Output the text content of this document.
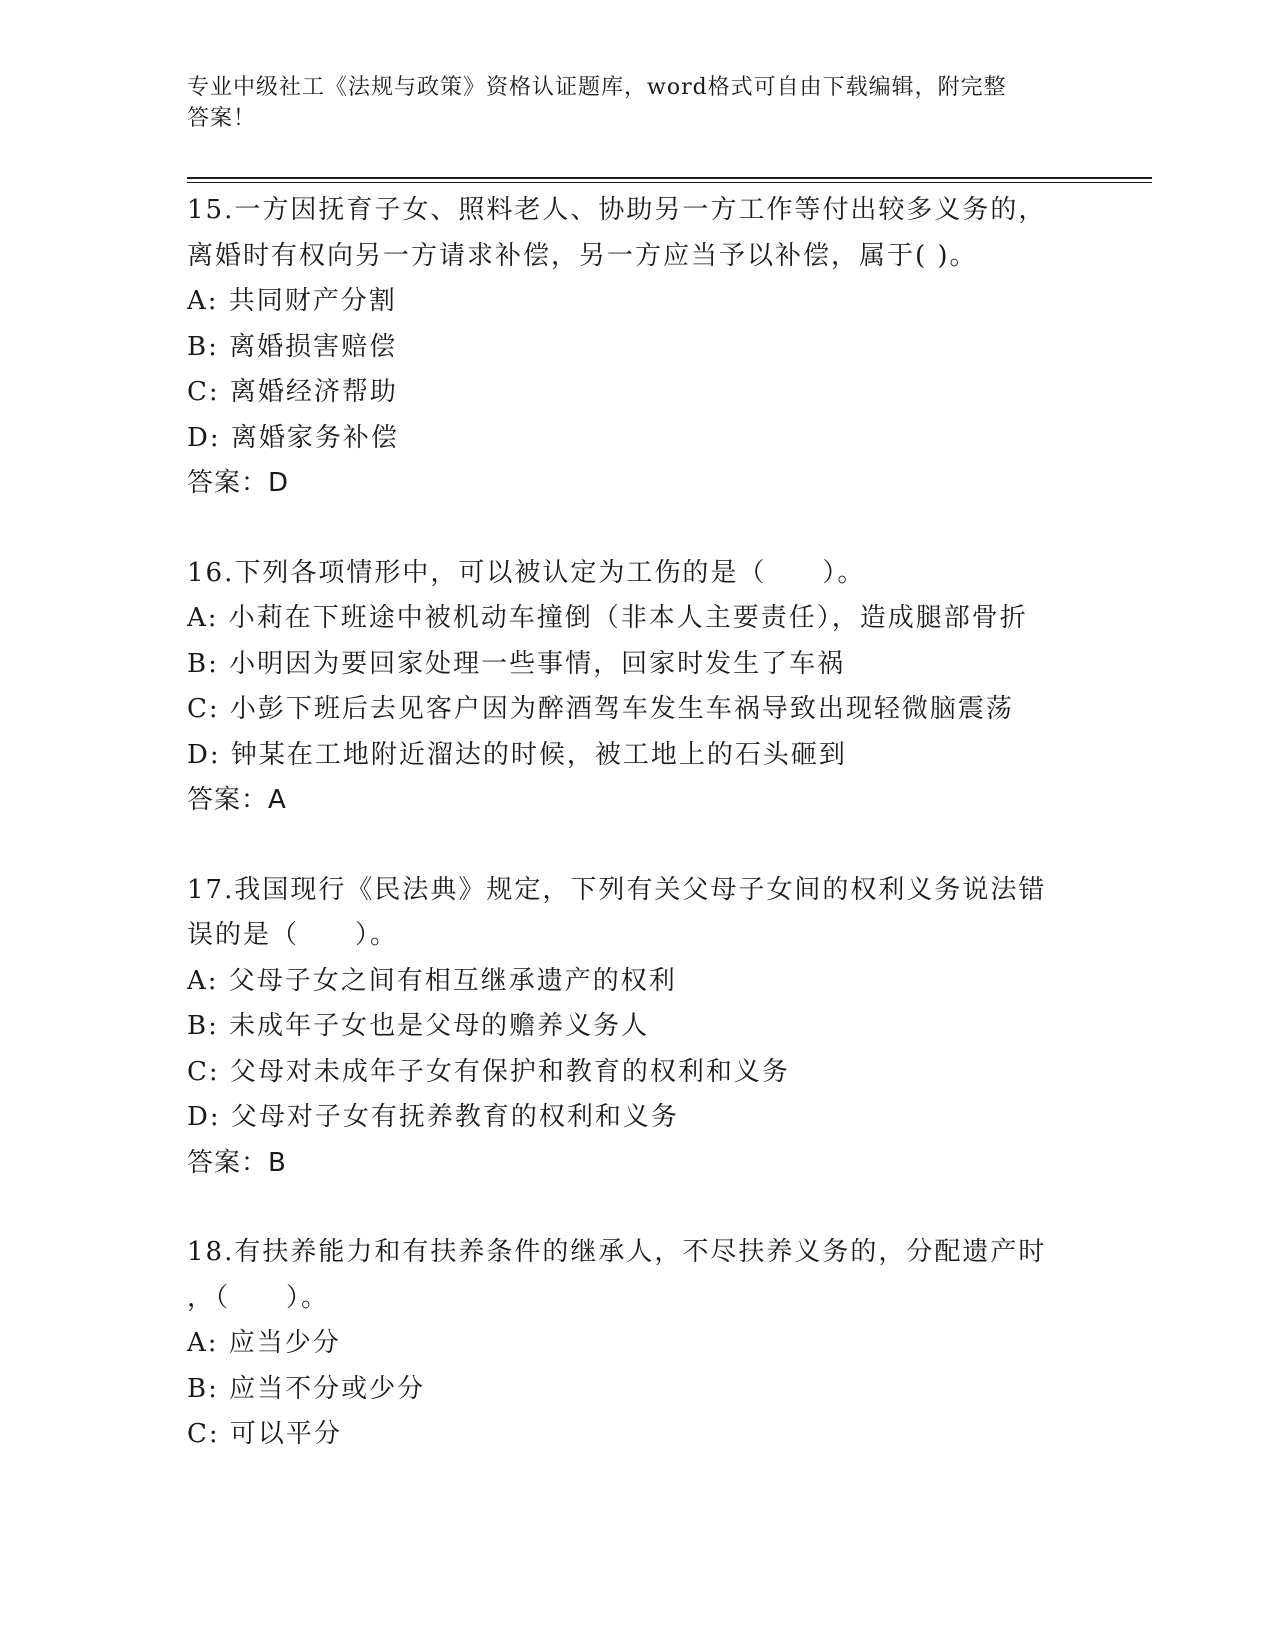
专业中级社工《法规与政策》资格认证题库，word格式可自由下载编辑，附完整
答案！
15.一方因抚育子女、照料老人、协助另一方工作等付出较多义务的，
离婚时有权向另一方请求补偿，另一方应当予以补偿，属于( )。
A: 共同财产分割
B: 离婚损害赔偿
C: 离婚经济帮助
D: 离婚家务补偿
答案：D
16.下列各项情形中，可以被认定为工伤的是（　　）。
A: 小莉在下班途中被机动车撞倒（非本人主要责任），造成腿部骨折
B: 小明因为要回家处理一些事情，回家时发生了车祸
C: 小彭下班后去见客户因为醉酒驾车发生车祸导致出现轻微脑震荡
D: 钟某在工地附近溜达的时候，被工地上的石头砸到
答案：A
17.我国现行《民法典》规定，下列有关父母子女间的权利义务说法错
误的是（　　）。
A: 父母子女之间有相互继承遗产的权利
B: 未成年子女也是父母的赡养义务人
C: 父母对未成年子女有保护和教育的权利和义务
D: 父母对子女有抚养教育的权利和义务
答案：B
18.有扶养能力和有扶养条件的继承人，不尽扶养义务的，分配遗产时
，（　　）。
A: 应当少分
B: 应当不分或少分
C: 可以平分
